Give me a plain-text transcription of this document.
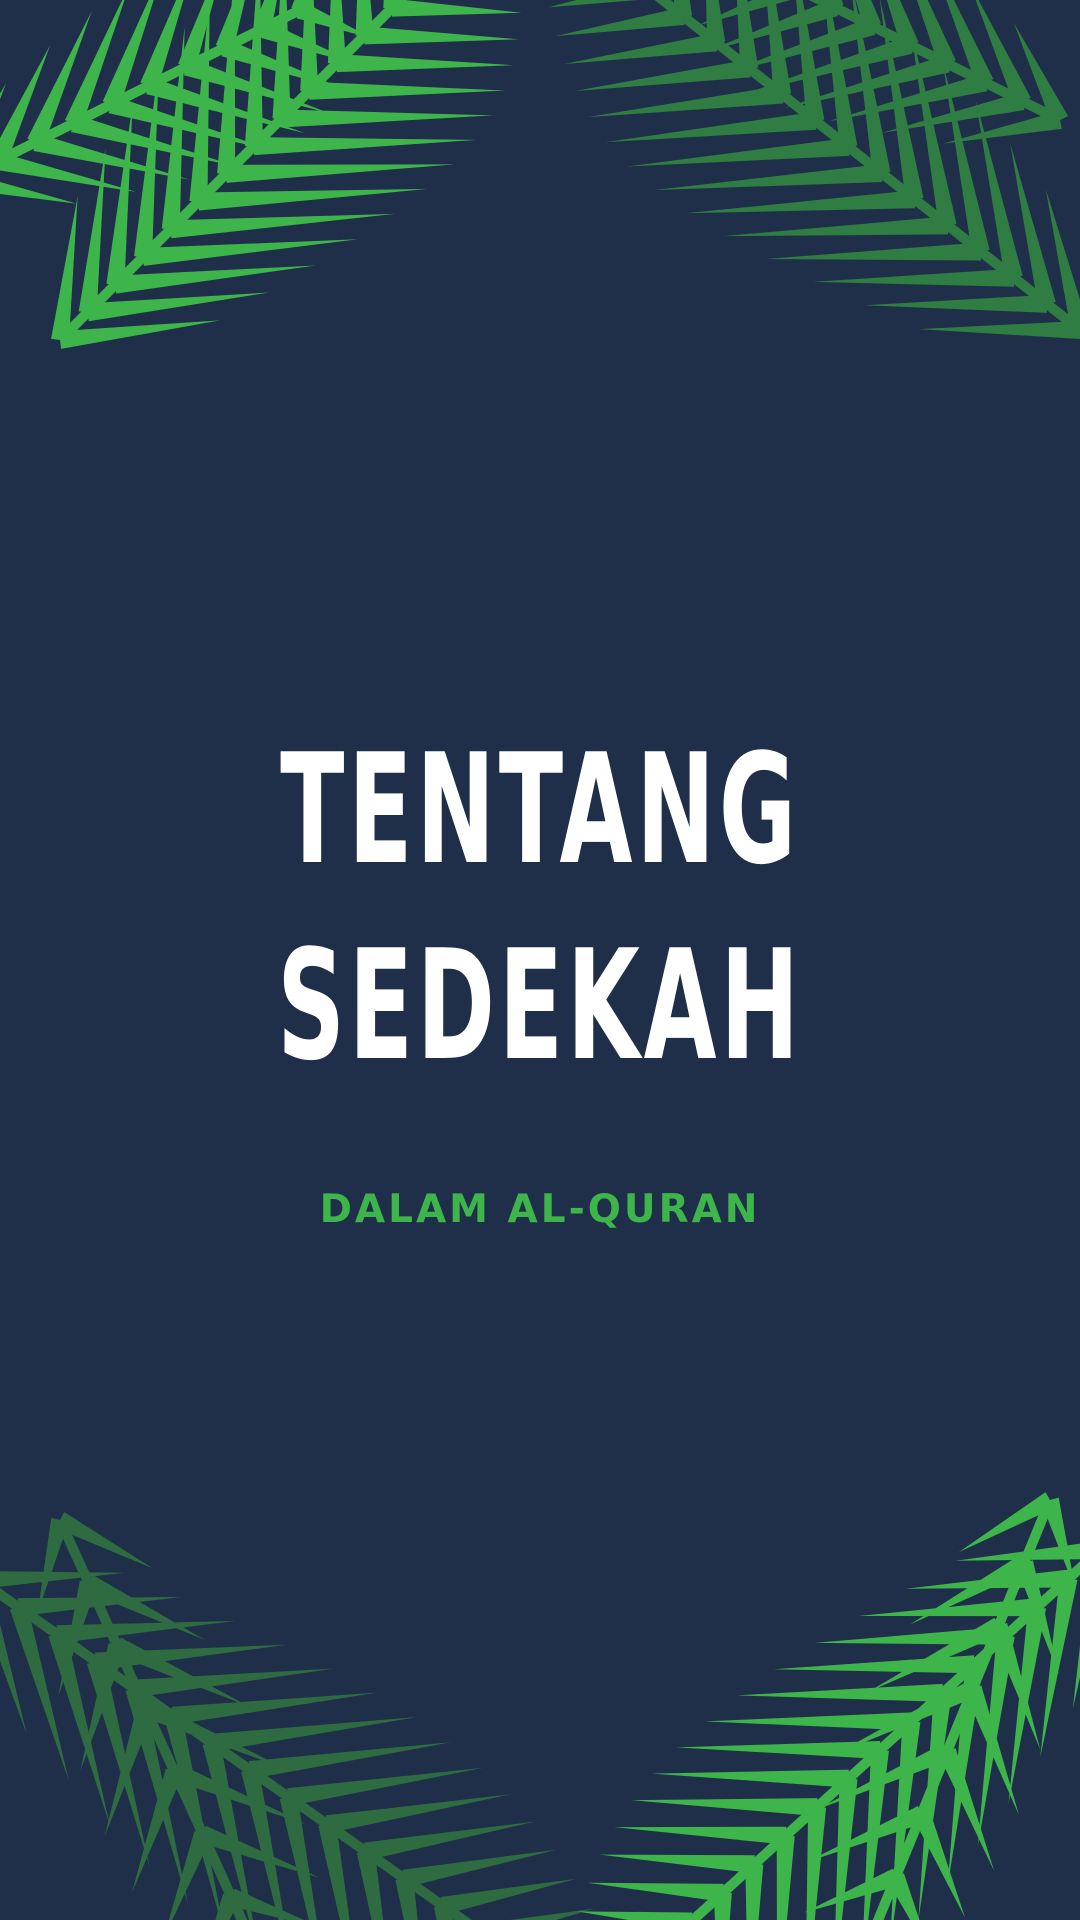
TENTANG
SEDEKAH
DALAM AL-QURAN
